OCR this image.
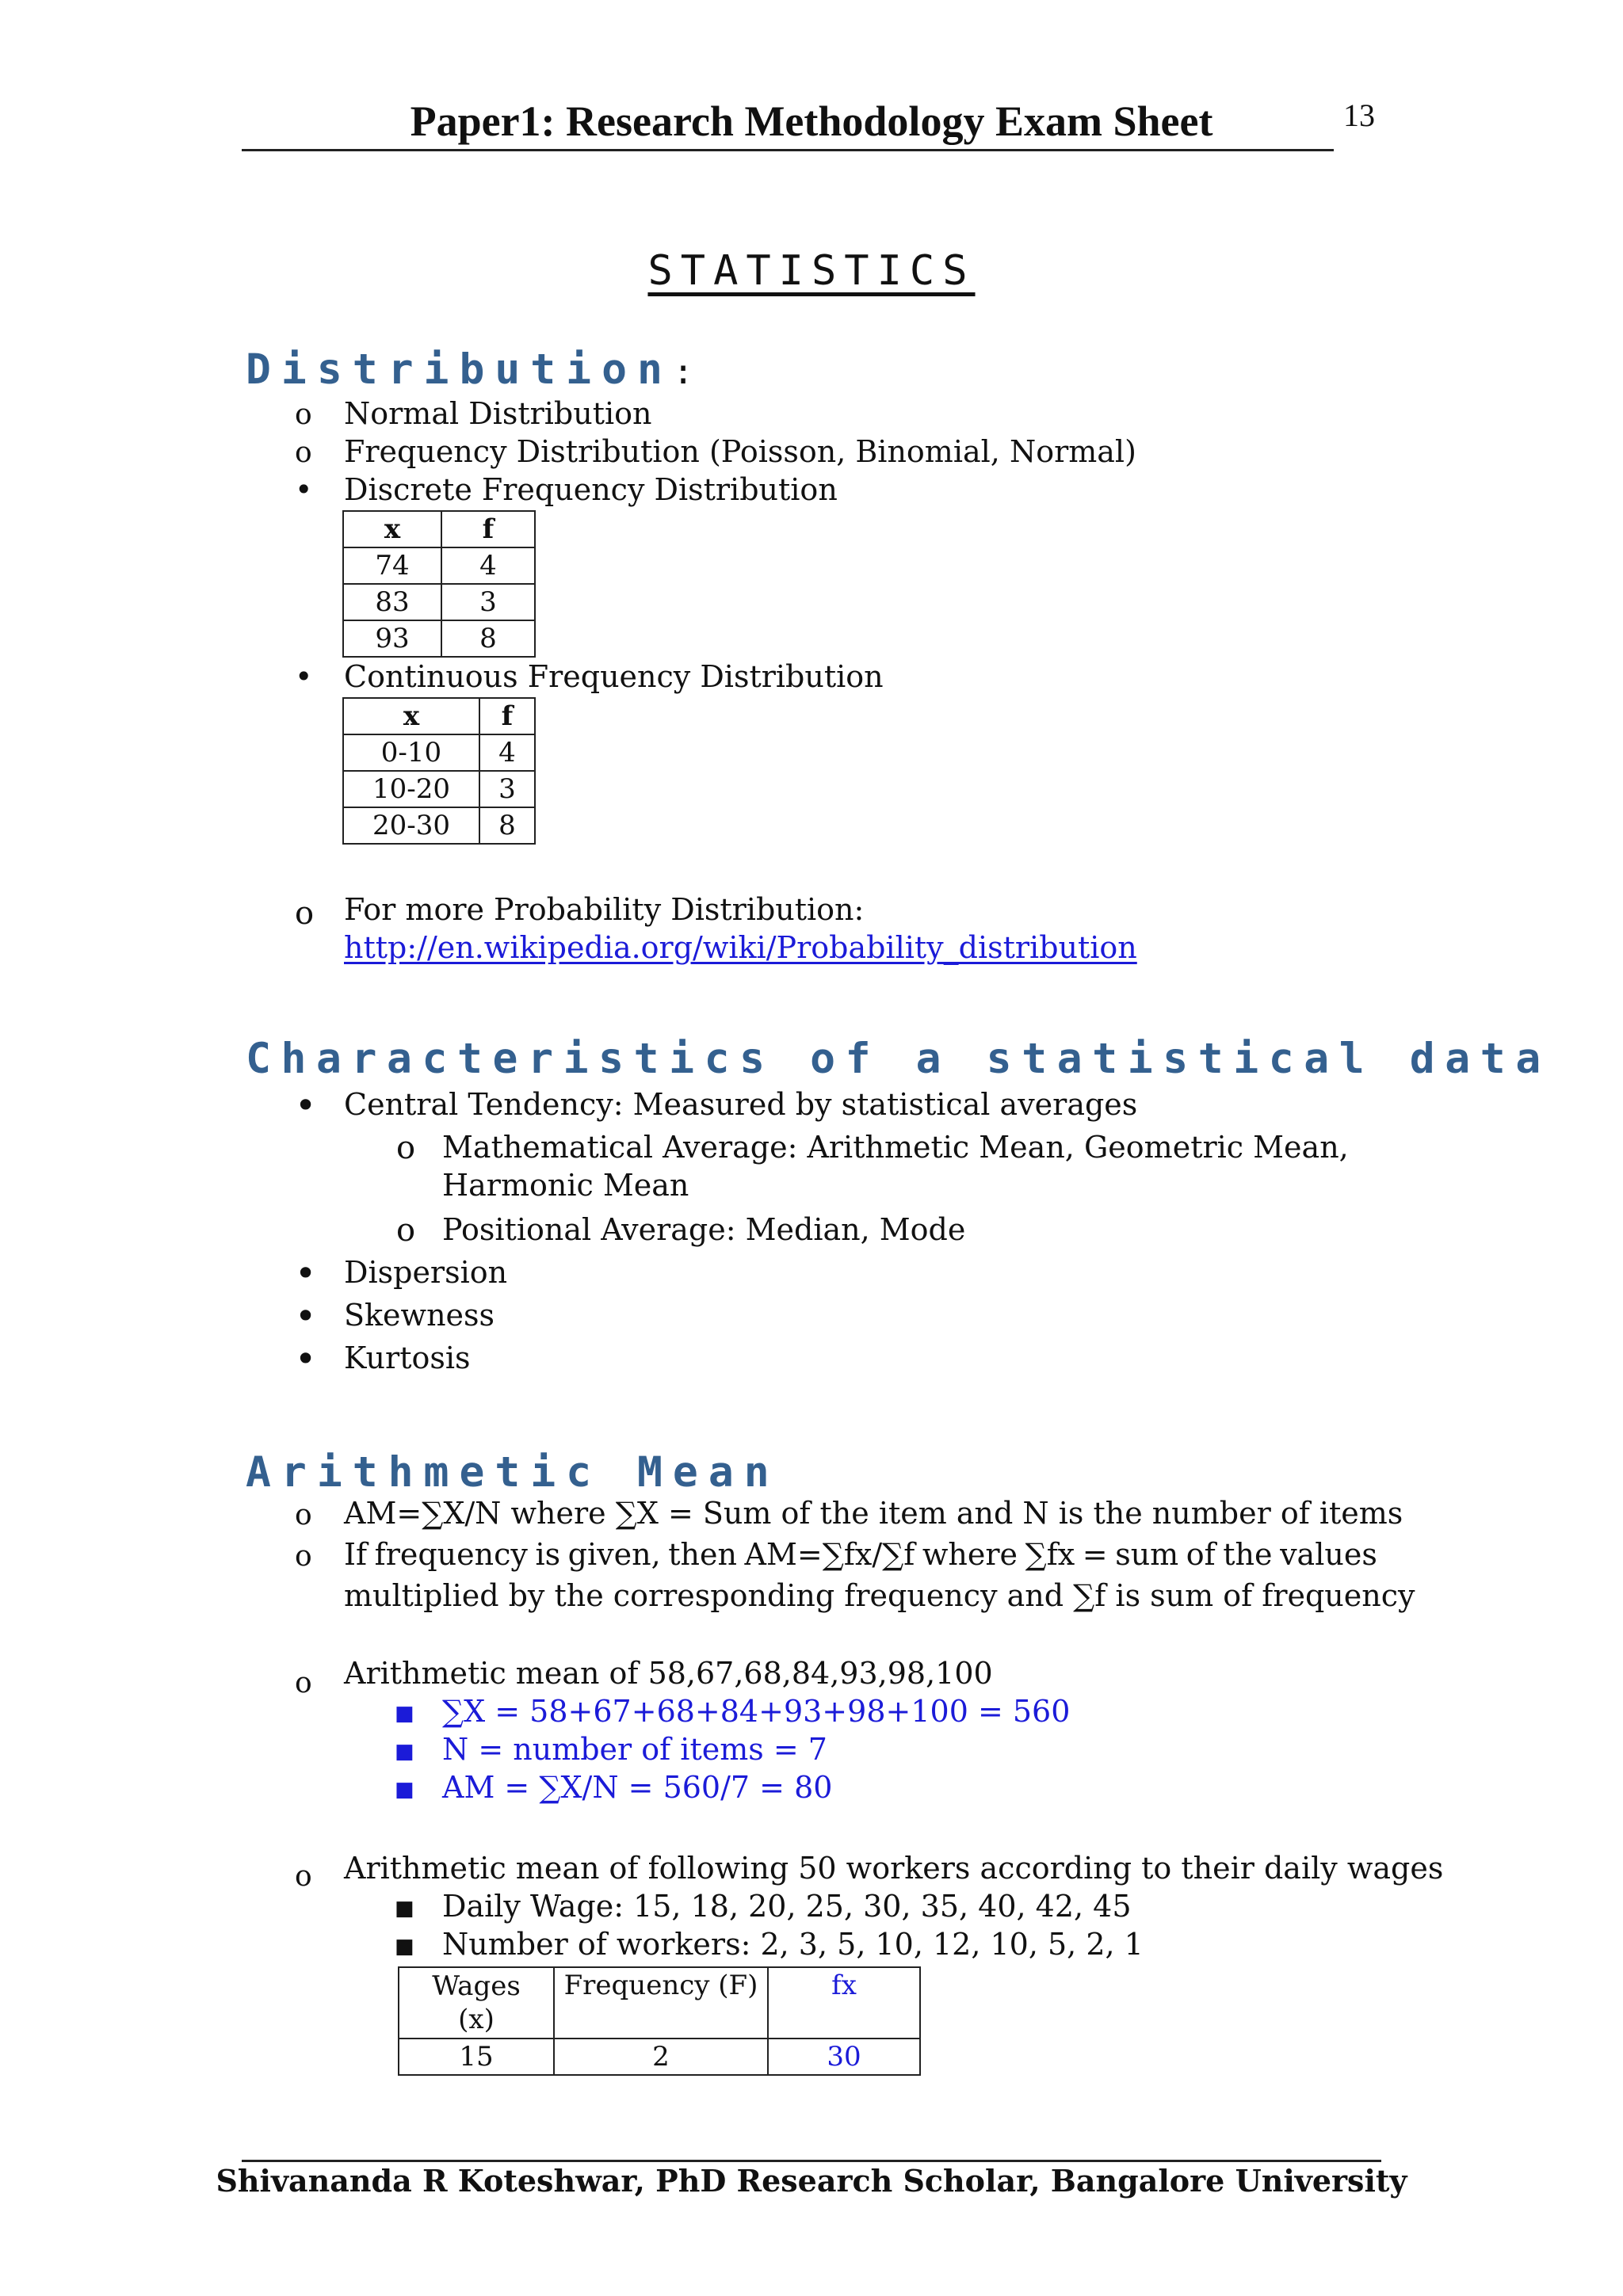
Paper1: Research Methodology Exam Sheet	13
STATISTICS
Distribution:
o Normal Distribution
o Frequency Distribution (Poisson, Binomial, Normal)
• Discrete Frequency Distribution
x	f
74	4
83	3
93	8
• Continuous Frequency Distribution
x	f
0-10	4
10-20	3
20-30	8
o For more Probability Distribution:
http://en.wikipedia.org/wiki/Probability_distribution
Characteristics of a statistical data
• Central Tendency: Measured by statistical averages
o Mathematical Average: Arithmetic Mean, Geometric Mean,
Harmonic Mean
o Positional Average: Median, Mode
• Dispersion
• Skewness
• Kurtosis
Arithmetic Mean
o AM=∑X/N where ∑X = Sum of the item and N is the number of items
o If frequency is given, then AM=∑fx/∑f where ∑fx = sum of the values
multiplied by the corresponding frequency and ∑f is sum of frequency
o Arithmetic mean of 58,67,68,84,93,98,100
■ ∑X = 58+67+68+84+93+98+100 = 560
■ N = number of items = 7
■ AM = ∑X/N = 560/7 = 80
o Arithmetic mean of following 50 workers according to their daily wages
■ Daily Wage: 15, 18, 20, 25, 30, 35, 40, 42, 45
■ Number of workers: 2, 3, 5, 10, 12, 10, 5, 2, 1
Wages
(x)	Frequency (F)	fx
15	2	30
Shivananda R Koteshwar, PhD Research Scholar, Bangalore University
